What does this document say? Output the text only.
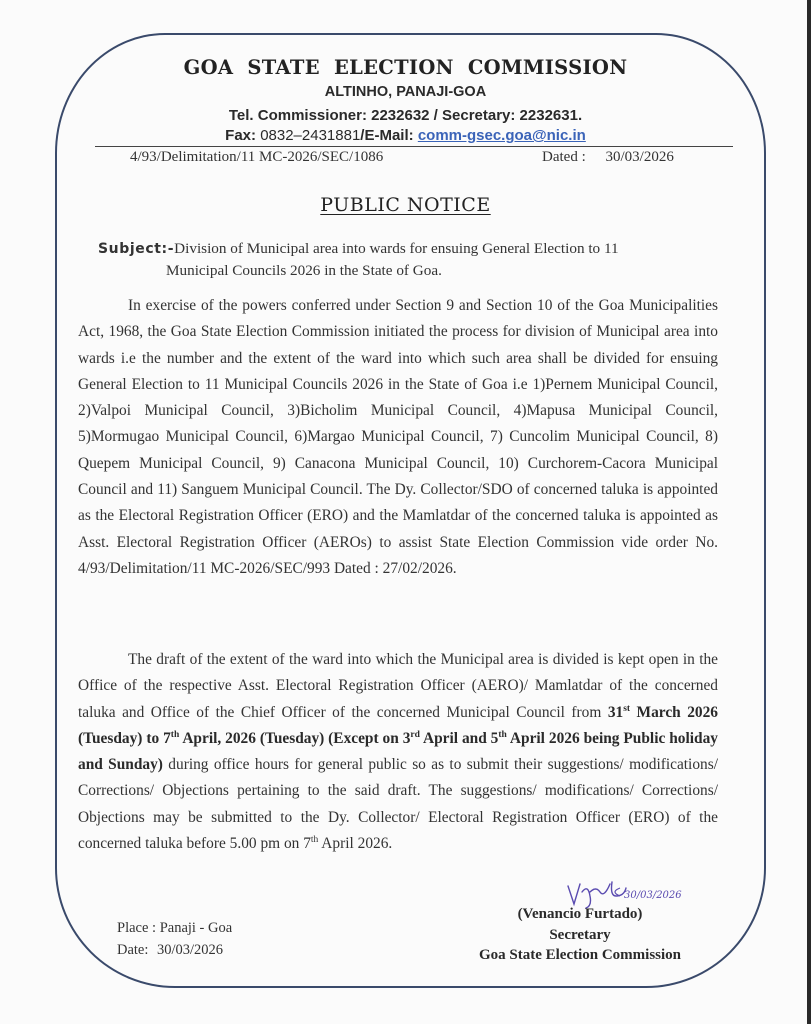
GOA STATE ELECTION COMMISSION
ALTINHO, PANAJI-GOA
Tel. Commissioner: 2232632 / Secretary: 2232631.
Fax: 0832–2431881/E-Mail: comm-gsec.goa@nic.in
4/93/Delimitation/11 MC-2026/SEC/1086	Dated : 30/03/2026
PUBLIC NOTICE
Subject:-Division of Municipal area into wards for ensuing General Election to 11
Municipal Councils 2026 in the State of Goa.

In exercise of the powers conferred under Section 9 and Section 10 of the Goa Municipalities Act, 1968, the Goa State Election Commission initiated the process for division of Municipal area into wards i.e the number and the extent of the ward into which such area shall be divided for ensuing General Election to 11 Municipal Councils 2026 in the State of Goa i.e 1)Pernem Municipal Council, 2)Valpoi Municipal Council, 3)Bicholim Municipal Council, 4)Mapusa Municipal Council, 5)Mormugao Municipal Council, 6)Margao Municipal Council, 7) Cuncolim Municipal Council, 8) Quepem Municipal Council, 9) Canacona Municipal Council, 10) Curchorem-Cacora Municipal Council and 11) Sanguem Municipal Council. The Dy. Collector/SDO of concerned taluka is appointed as the Electoral Registration Officer (ERO) and the Mamlatdar of the concerned taluka is appointed as Asst. Electoral Registration Officer (AEROs) to assist State Election Commission vide order No. 4/93/Delimitation/11 MC-2026/SEC/993 Dated : 27/02/2026.

The draft of the extent of the ward into which the Municipal area is divided is kept open in the Office of the respective Asst. Electoral Registration Officer (AERO)/ Mamlatdar of the concerned taluka and Office of the Chief Officer of the concerned Municipal Council from 31st March 2026 (Tuesday) to 7th April, 2026 (Tuesday) (Except on 3rd April and 5th April 2026 being Public holiday and Sunday) during office hours for general public so as to submit their suggestions/ modifications/ Corrections/ Objections pertaining to the said draft. The suggestions/ modifications/ Corrections/ Objections may be submitted to the Dy. Collector/ Electoral Registration Officer (ERO) of the concerned taluka before 5.00 pm on 7th April 2026.

Place : Panaji - Goa
Date: 30/03/2026
30/03/2026
(Venancio Furtado)
Secretary
Goa State Election Commission
